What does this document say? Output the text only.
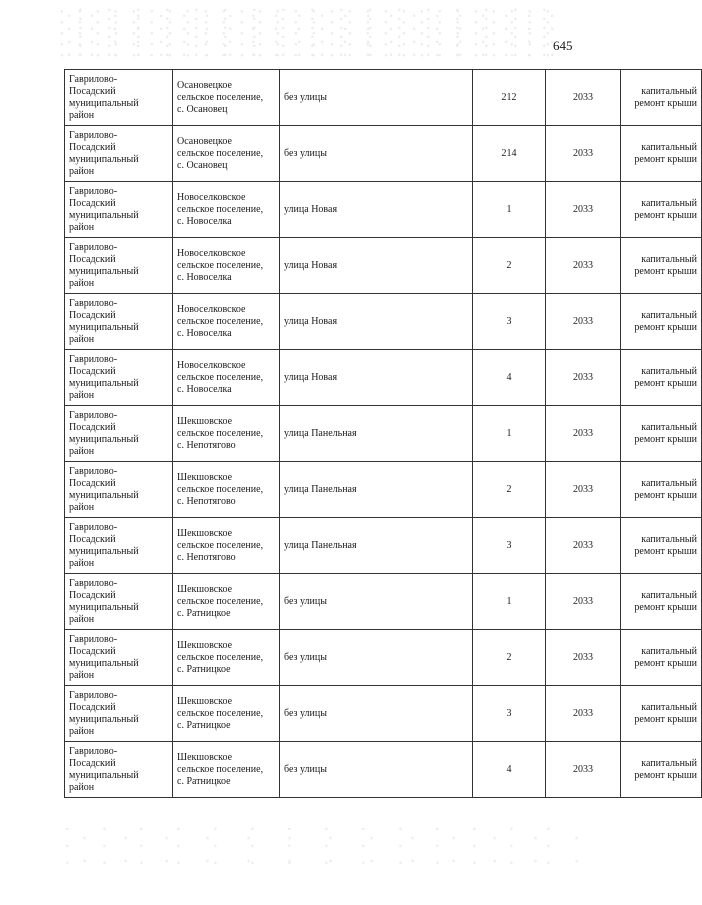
645
Гаврилово-
Посадский
муниципальный
район	Осановецкое
сельское поселение,
с. Осановец	без улицы	212	2033	капитальный
ремонт крыши

Гаврилово-
Посадский
муниципальный
район	Осановецкое
сельское поселение,
с. Осановец	без улицы	214	2033	капитальный
ремонт крыши

Гаврилово-
Посадский
муниципальный
район	Новоселковское
сельское поселение,
с. Новоселка	улица Новая	1	2033	капитальный
ремонт крыши

Гаврилово-
Посадский
муниципальный
район	Новоселковское
сельское поселение,
с. Новоселка	улица Новая	2	2033	капитальный
ремонт крыши

Гаврилово-
Посадский
муниципальный
район	Новоселковское
сельское поселение,
с. Новоселка	улица Новая	3	2033	капитальный
ремонт крыши

Гаврилово-
Посадский
муниципальный
район	Новоселковское
сельское поселение,
с. Новоселка	улица Новая	4	2033	капитальный
ремонт крыши

Гаврилово-
Посадский
муниципальный
район	Шекшовское
сельское поселение,
с. Непотягово	улица Панельная	1	2033	капитальный
ремонт крыши

Гаврилово-
Посадский
муниципальный
район	Шекшовское
сельское поселение,
с. Непотягово	улица Панельная	2	2033	капитальный
ремонт крыши

Гаврилово-
Посадский
муниципальный
район	Шекшовское
сельское поселение,
с. Непотягово	улица Панельная	3	2033	капитальный
ремонт крыши

Гаврилово-
Посадский
муниципальный
район	Шекшовское
сельское поселение,
с. Ратницкое	без улицы	1	2033	капитальный
ремонт крыши

Гаврилово-
Посадский
муниципальный
район	Шекшовское
сельское поселение,
с. Ратницкое	без улицы	2	2033	капитальный
ремонт крыши

Гаврилово-
Посадский
муниципальный
район	Шекшовское
сельское поселение,
с. Ратницкое	без улицы	3	2033	капитальный
ремонт крыши

Гаврилово-
Посадский
муниципальный
район	Шекшовское
сельское поселение,
с. Ратницкое	без улицы	4	2033	капитальный
ремонт крыши
